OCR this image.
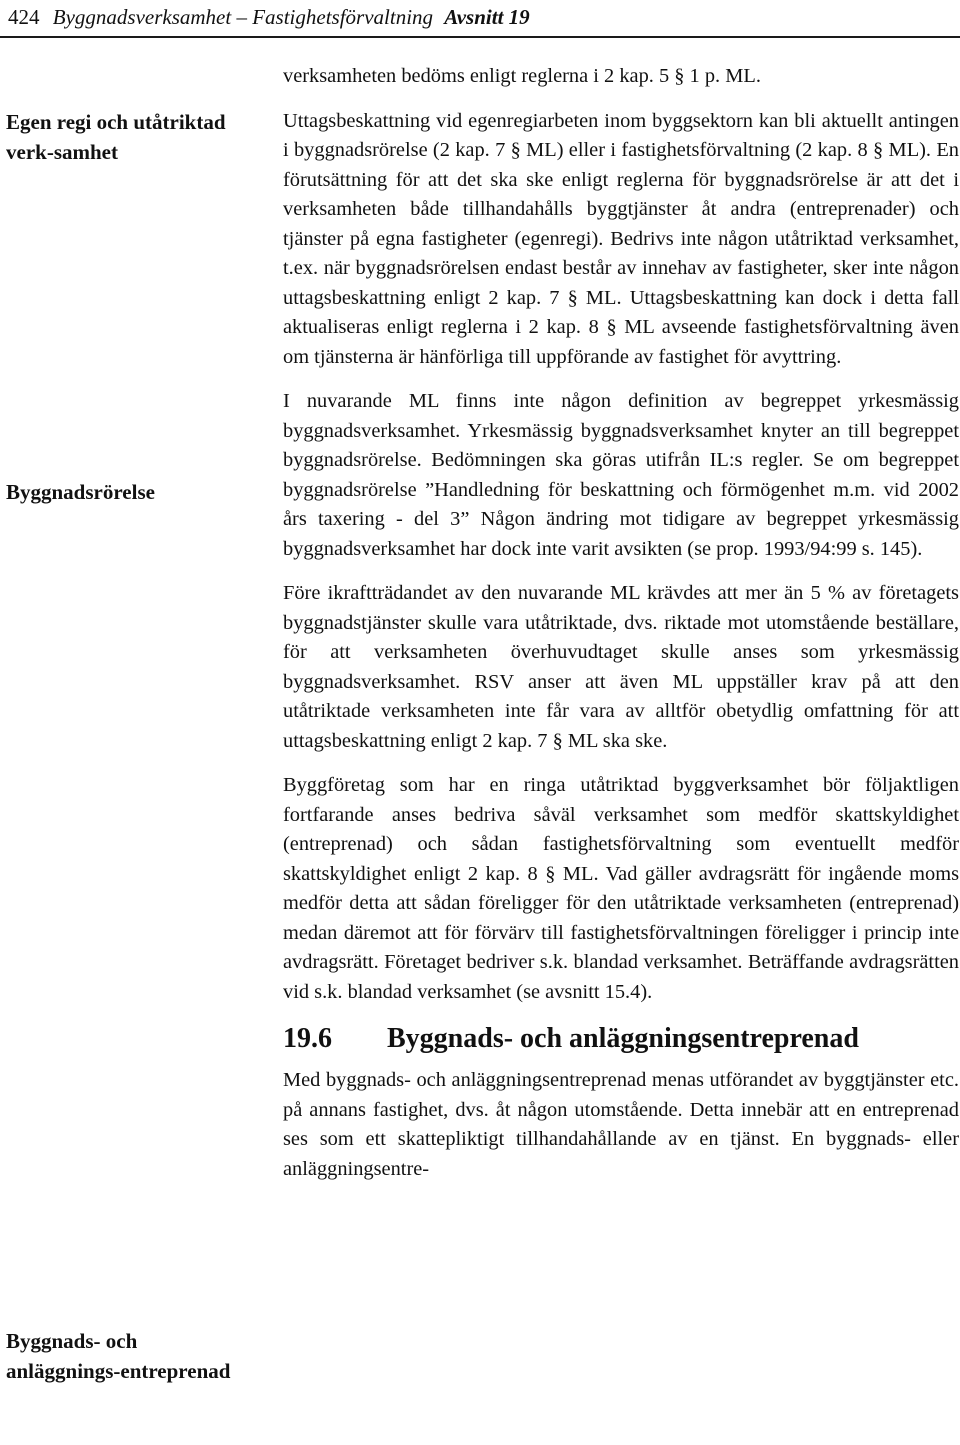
424 Byggnadsverksamhet – Fastighetsförvaltning Avsnitt 19
Egen regi och utåtriktad verk-samhet
Byggnadsrörelse
Byggnads- och anläggnings-entreprenad

verksamheten bedöms enligt reglerna i 2 kap. 5 § 1 p. ML.

Uttagsbeskattning vid egenregiarbeten inom byggsektorn kan bli aktuellt antingen i byggnadsrörelse (2 kap. 7 § ML) eller i fastighetsförvaltning (2 kap. 8 § ML). En förutsättning för att det ska ske enligt reglerna för byggnadsrörelse är att det i verksamheten både tillhandahålls byggtjänster åt andra (entreprenader) och tjänster på egna fastigheter (egenregi). Bedrivs inte någon utåtriktad verksamhet, t.ex. när byggnadsrörelsen endast består av innehav av fastigheter, sker inte någon uttagsbeskattning enligt 2 kap. 7 § ML. Uttagsbeskattning kan dock i detta fall aktualiseras enligt reglerna i 2 kap. 8 § ML avseende fastighetsförvaltning även om tjänsterna är hänförliga till uppförande av fastighet för avyttring.

I nuvarande ML finns inte någon definition av begreppet yrkesmässig byggnadsverksamhet. Yrkesmässig byggnadsverksamhet knyter an till begreppet byggnadsrörelse. Bedömningen ska göras utifrån IL:s regler. Se om begreppet byggnadsrörelse ”Handledning för beskattning och förmögenhet m.m. vid 2002 års taxering - del 3” Någon ändring mot tidigare av begreppet yrkesmässig byggnadsverksamhet har dock inte varit avsikten (se prop. 1993/94:99 s. 145).

Före ikraftträdandet av den nuvarande ML krävdes att mer än 5 % av företagets byggnadstjänster skulle vara utåtriktade, dvs. riktade mot utomstående beställare, för att verksamheten överhuvudtaget skulle anses som yrkesmässig byggnadsverksamhet. RSV anser att även ML uppställer krav på att den utåtriktade verksamheten inte får vara av alltför obetydlig omfattning för att uttagsbeskattning enligt 2 kap. 7 § ML ska ske.

Byggföretag som har en ringa utåtriktad byggverksamhet bör följaktligen fortfarande anses bedriva såväl verksamhet som medför skattskyldighet (entreprenad) och sådan fastighetsförvaltning som eventuellt medför skattskyldighet enligt 2 kap. 8 § ML. Vad gäller avdragsrätt för ingående moms medför detta att sådan föreligger för den utåtriktade verksamheten (entreprenad) medan däremot att för förvärv till fastighetsförvaltningen föreligger i princip inte avdragsrätt. Företaget bedriver s.k. blandad verksamhet. Beträffande avdragsrätten vid s.k. blandad verksamhet (se avsnitt 15.4).

19.6 Byggnads- och anläggningsentreprenad

Med byggnads- och anläggningsentreprenad menas utförandet av byggtjänster etc. på annans fastighet, dvs. åt någon utomstående. Detta innebär att en entreprenad ses som ett skattepliktigt tillhandahållande av en tjänst. En byggnads- eller anläggningsentre-
